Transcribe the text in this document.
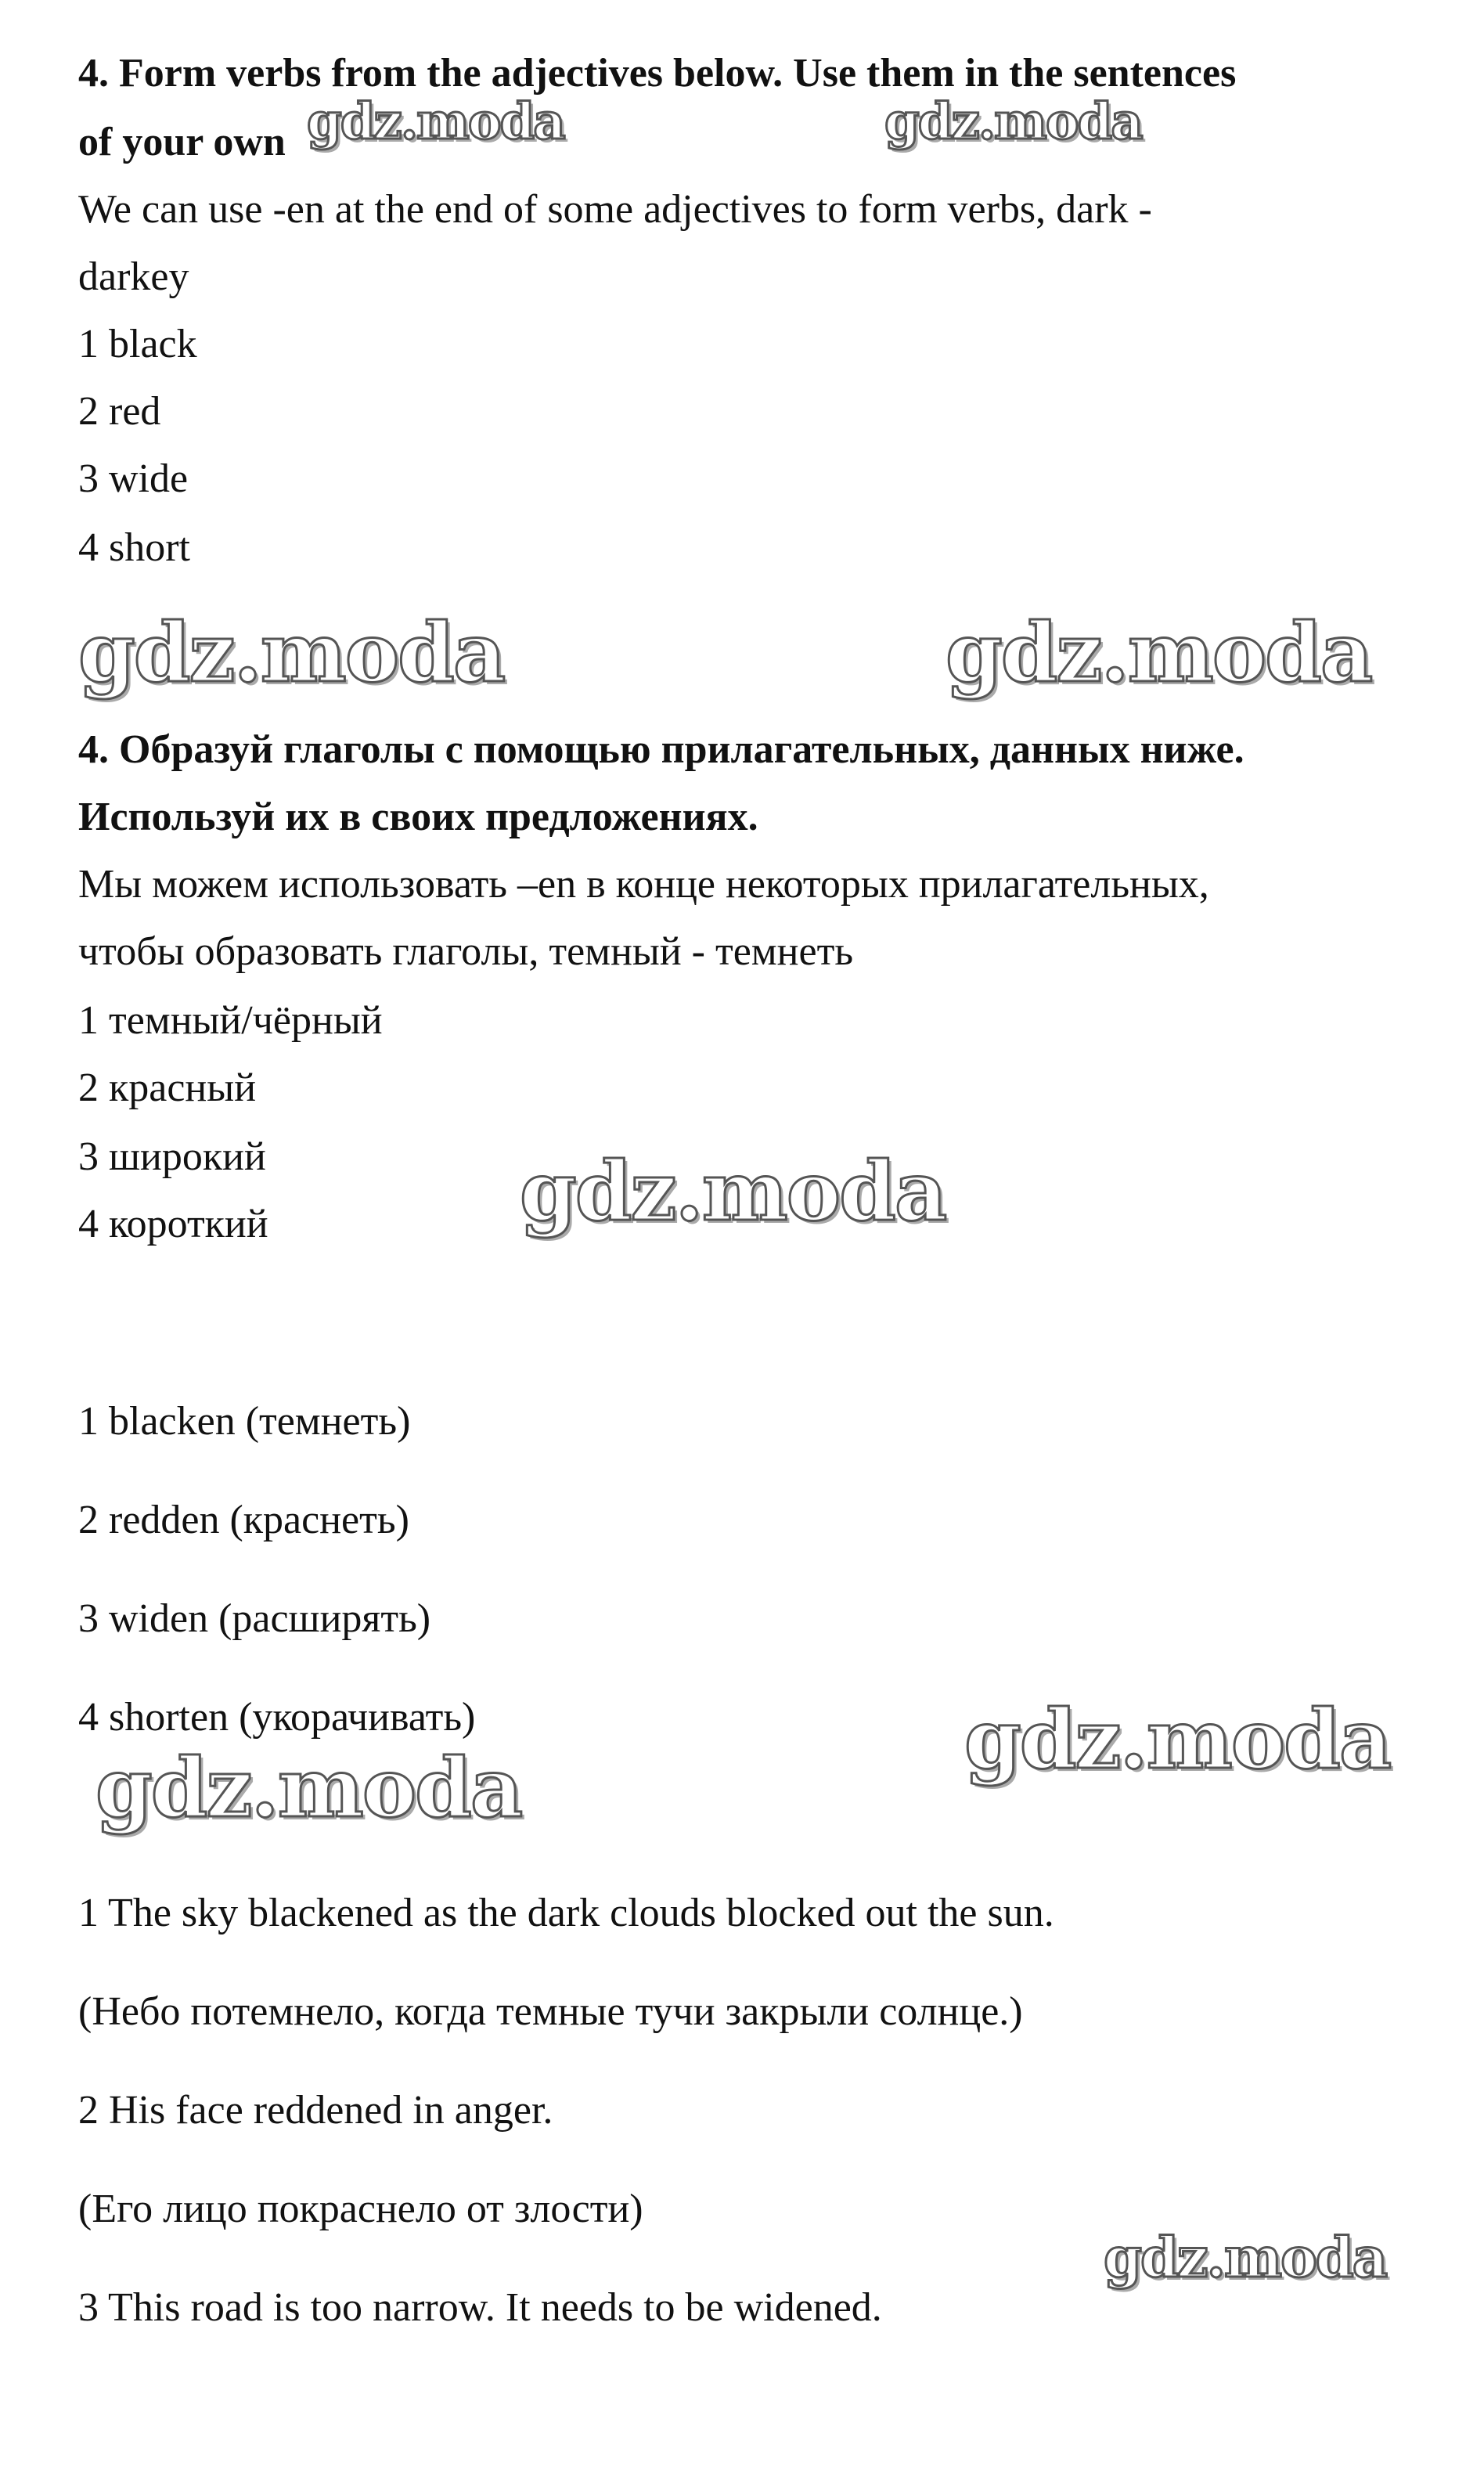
4. Form verbs from the adjectives below. Use them in the sentences
of your own
We can use -en at the end of some adjectives to form verbs, dark -
darkey
1 black
2 red
3 wide
4 short
4. Образуй глаголы с помощью прилагательных, данных ниже.
Используй их в своих предложениях.
Мы можем использовать –en в конце некоторых прилагательных,
чтобы образовать глаголы, темный - темнеть
1 темный/чёрный
2 красный
3 широкий
4 короткий
1 blacken (темнеть)
2 redden (краснеть)
3 widen (расширять)
4 shorten (укорачивать)
1 The sky blackened as the dark clouds blocked out the sun.
(Небо потемнело, когда темные тучи закрыли солнце.)
2 His face reddened in anger.
(Его лицо покраснело от злости)
3 This road is too narrow. It needs to be widened.
gdz.moda	gdz.moda
gdz.moda	gdz.moda
gdz.moda
gdz.moda
gdz.moda
gdz.moda
